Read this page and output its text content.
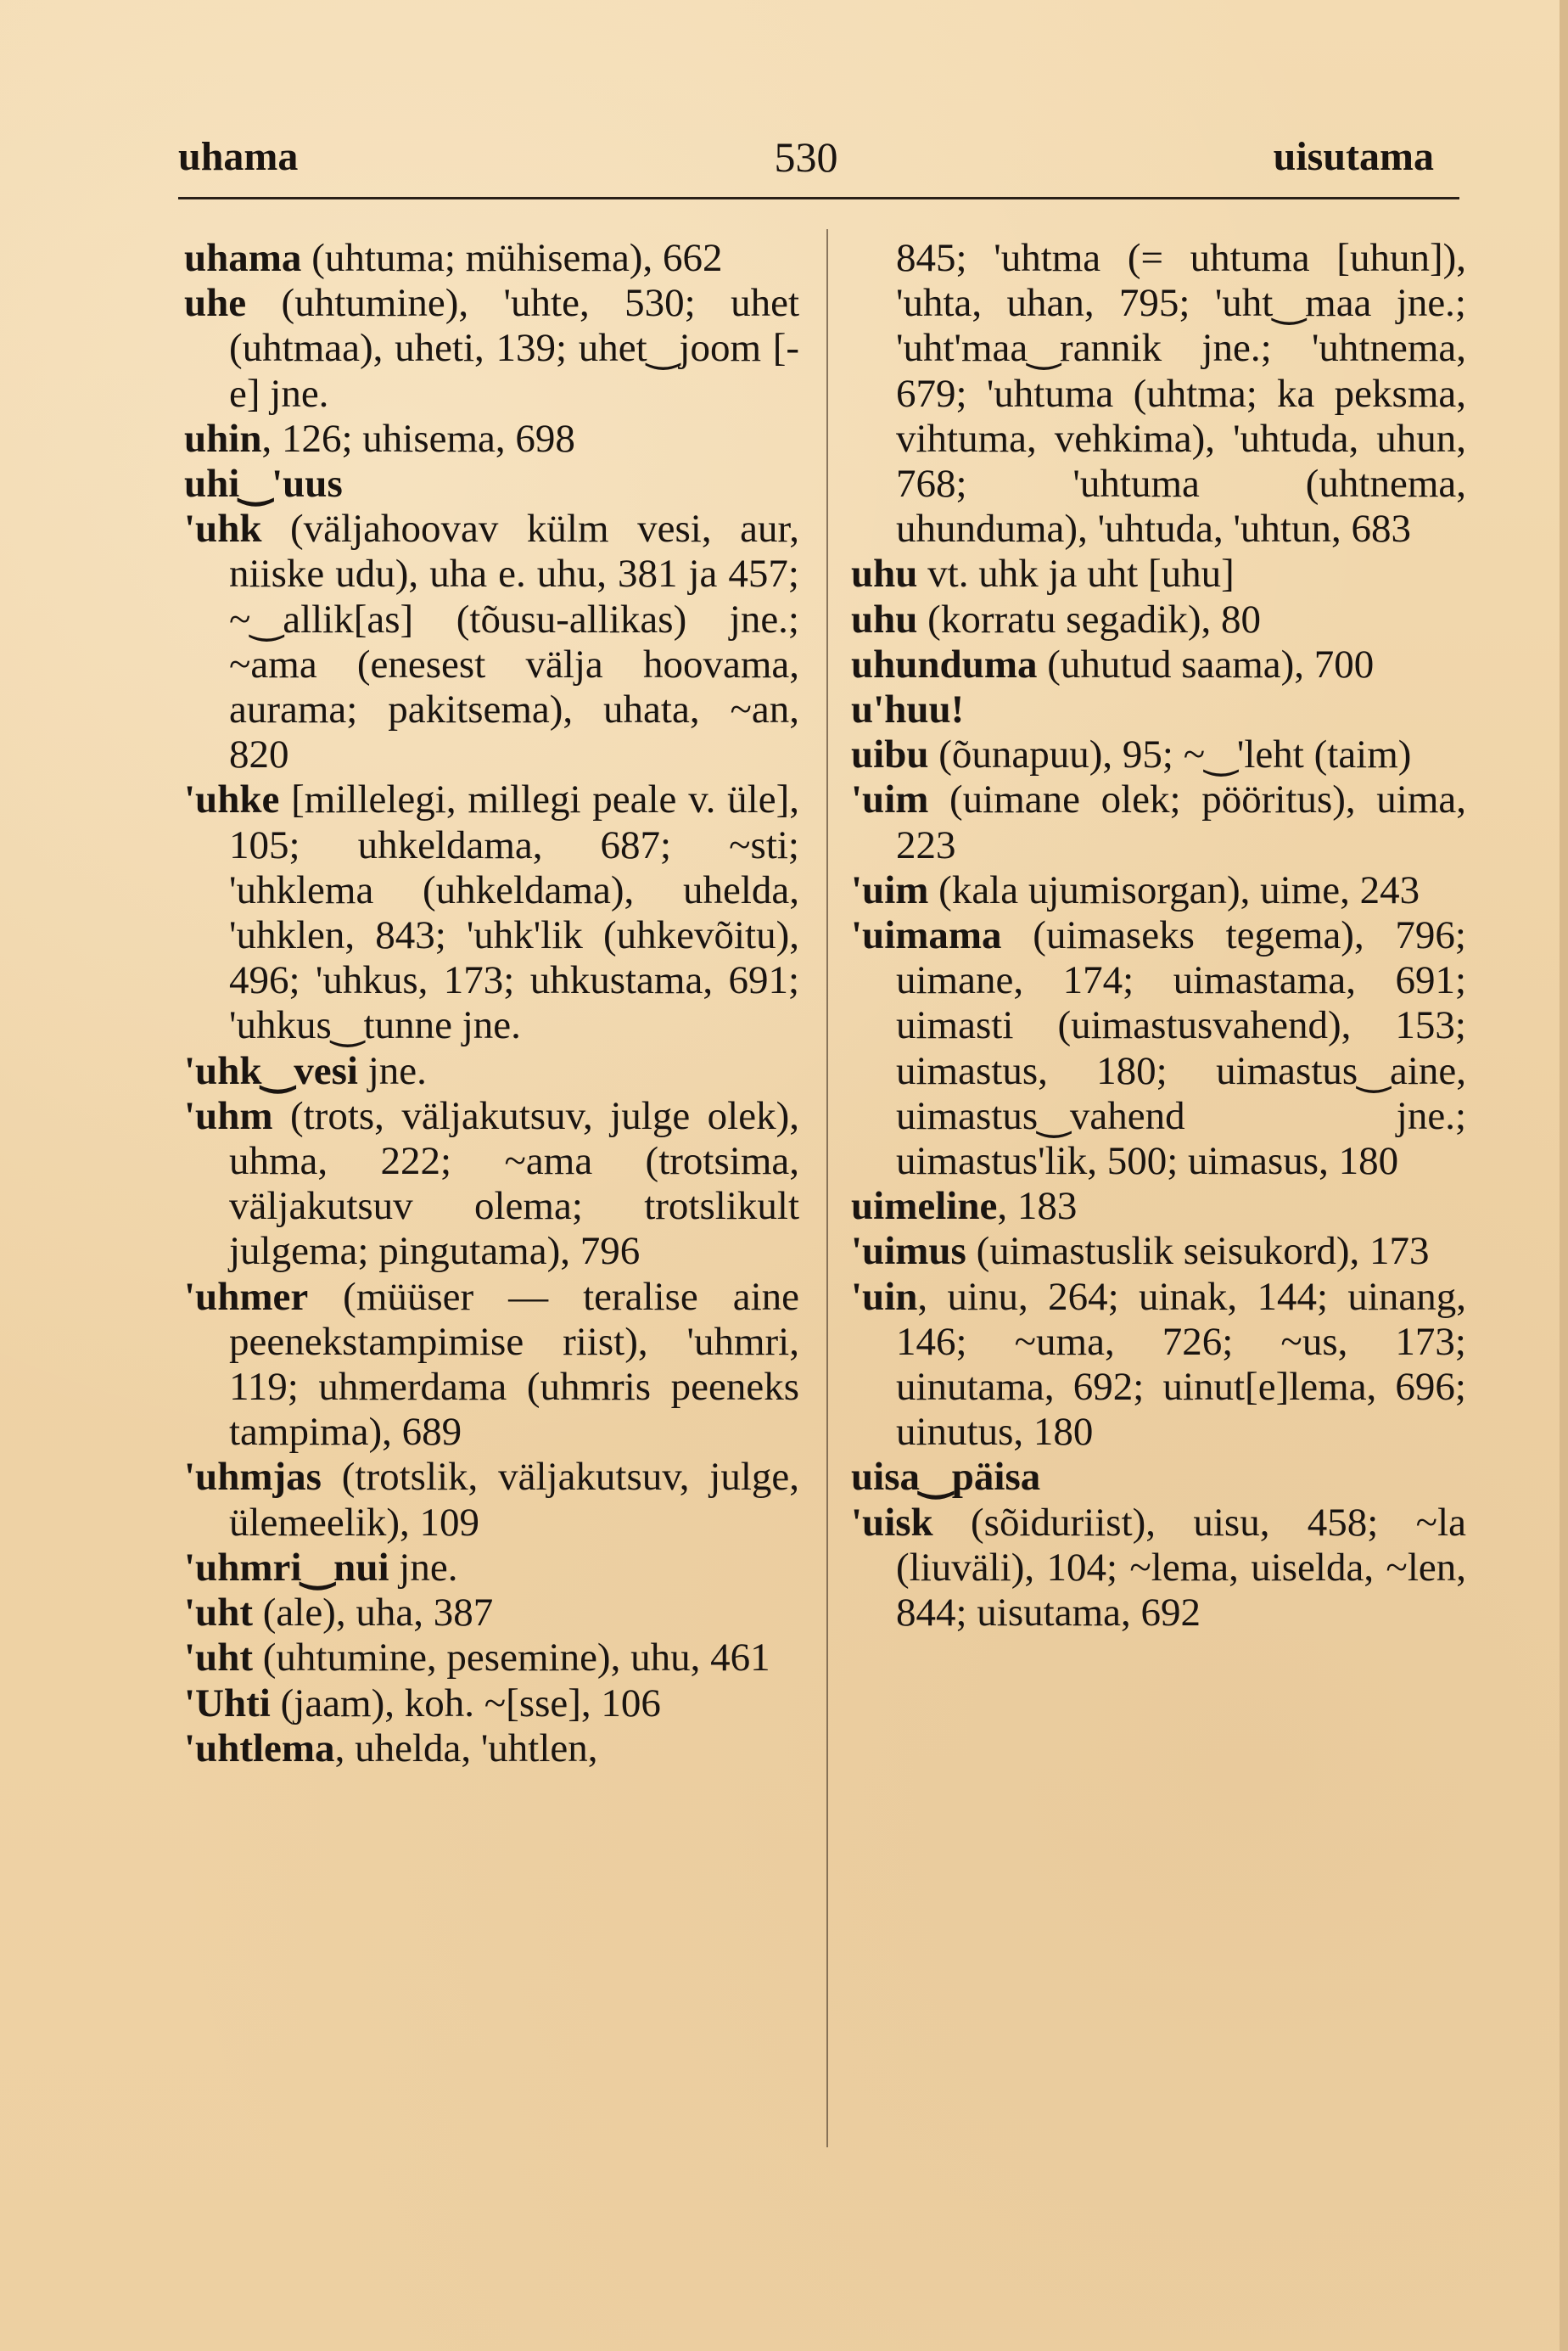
uhama	530	uisutama

uhama (uhtuma; mühisema), 662

uhe (uhtumine), 'uhte, 530; uhet (uhtmaa), uheti, 139; uhet‿joom [-e] jne.

uhin, 126; uhisema, 698

uhi‿'uus

'uhk (väljahoovav külm vesi, aur, niiske udu), uha e. uhu, 381 ja 457; ~‿allik[as] (tõusu-allikas) jne.; ~ama (enesest välja hoovama, aurama; pakitsema), uhata, ~an, 820

'uhke [millelegi, millegi peale v. üle], 105; uhkeldama, 687; ~sti; 'uhklema (uhkeldama), uhelda, 'uhklen, 843; 'uhk'lik (uhkevõitu), 496; 'uhkus, 173; uhkustama, 691; 'uhkus‿tunne jne.

'uhk‿vesi jne.

'uhm (trots, väljakutsuv, julge olek), uhma, 222; ~ama (trotsima, väljakutsuv olema; trotslikult julgema; pingutama), 796

'uhmer (müüser — teralise aine peenekstampimise riist), 'uhmri, 119; uhmerdama (uhmris peeneks tampima), 689

'uhmjas (trotslik, väljakutsuv, julge, ülemeelik), 109

'uhmri‿nui jne.

'uht (ale), uha, 387

'uht (uhtumine, pesemine), uhu, 461

'Uhti (jaam), koh. ~[sse], 106

'uhtlema, uhelda, 'uhtlen,

845; 'uhtma (= uhtuma [uhun]), 'uhta, uhan, 795; 'uht‿maa jne.; 'uht'maa‿rannik jne.; 'uhtnema, 679; 'uhtuma (uhtma; ka peksma, vihtuma, vehkima), 'uhtuda, uhun, 768; 'uhtuma (uhtnema, uhunduma), 'uhtuda, 'uhtun, 683

uhu vt. uhk ja uht [uhu]

uhu (korratu segadik), 80

uhunduma (uhutud saama), 700

u'huu!

uibu (õunapuu), 95; ~‿'leht (taim)

'uim (uimane olek; pööritus), uima, 223

'uim (kala ujumisorgan), uime, 243

'uimama (uimaseks tegema), 796; uimane, 174; uimastama, 691; uimasti (uimastusvahend), 153; uimastus, 180; uimastus‿aine, uimastus‿vahend jne.; uimastus'lik, 500; uimasus, 180

uimeline, 183

'uimus (uimastuslik seisukord), 173

'uin, uinu, 264; uinak, 144; uinang, 146; ~uma, 726; ~us, 173; uinutama, 692; uinut[e]lema, 696; uinutus, 180

uisa‿päisa

'uisk (sõiduriist), uisu, 458; ~la (liuväli), 104; ~lema, uiselda, ~len, 844; uisutama, 692
